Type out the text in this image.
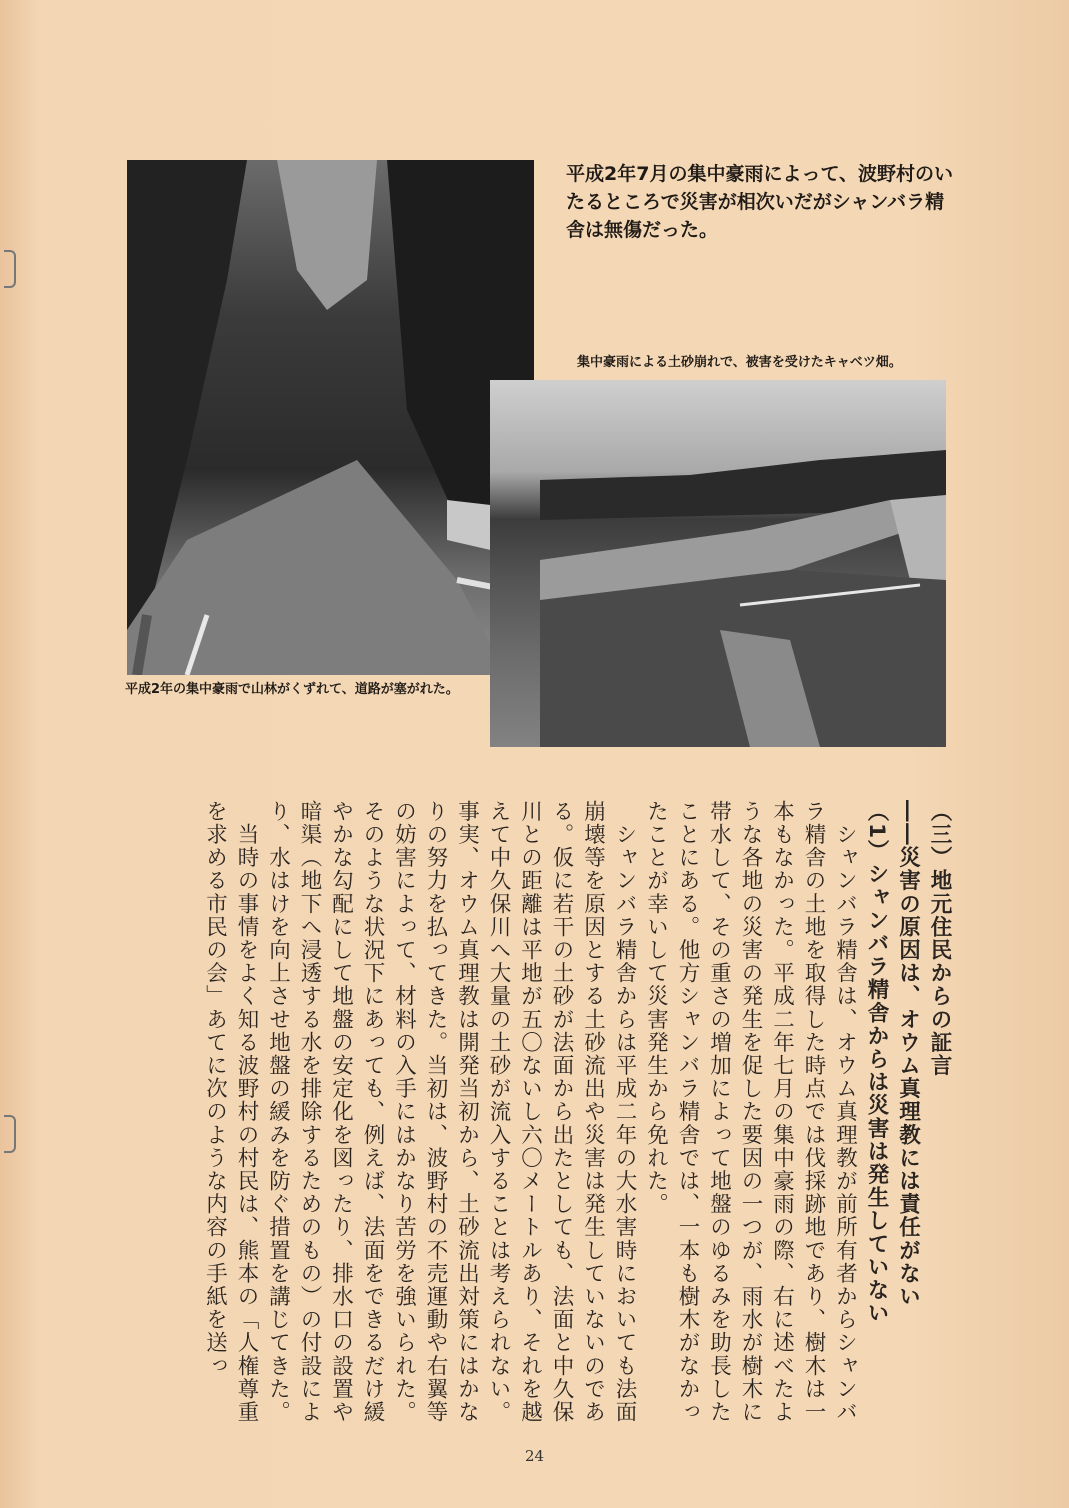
平成2年7月の集中豪雨によって、波野村のいたるところで災害が相次いだがシャンバラ精舎は無傷だった。
集中豪雨による土砂崩れで、被害を受けたキャベツ畑。
平成2年の集中豪雨で山林がくずれて、道路が塞がれた。

（三）地元住民からの証言

――災害の原因は、オウム真理教には責任がない

（1）シャンバラ精舎からは災害は発生していない

　シャンバラ精舎は、オウム真理教が前所有者からシャンバラ精舎の土地を取得した時点では伐採跡地であり、樹木は一本もなかった。平成二年七月の集中豪雨の際、右に述べたような各地の災害の発生を促した要因の一つが、雨水が樹木に帯水して、その重さの増加によって地盤のゆるみを助長したことにある。他方シャンバラ精舎では、一本も樹木がなかったことが幸いして災害発生から免れた。

　シャンバラ精舎からは平成二年の大水害時においても法面崩壊等を原因とする土砂流出や災害は発生していないのである。仮に若干の土砂が法面から出たとしても、法面と中久保川との距離は平地が五〇ないし六〇メートルあり、それを越えて中久保川へ大量の土砂が流入することは考えられない。事実、オウム真理教は開発当初から、土砂流出対策にはかなりの努力を払ってきた。当初は、波野村の不売運動や右翼等の妨害によって、材料の入手にはかなり苦労を強いられた。そのような状況下にあっても、例えば、法面をできるだけ緩やかな勾配にして地盤の安定化を図ったり、排水口の設置や暗渠（地下へ浸透する水を排除するためのもの）の付設により、水はけを向上させ地盤の緩みを防ぐ措置を講じてきた。

　当時の事情をよく知る波野村の村民は、熊本の「人権尊重を求める市民の会」あてに次のような内容の手紙を送っ

24
